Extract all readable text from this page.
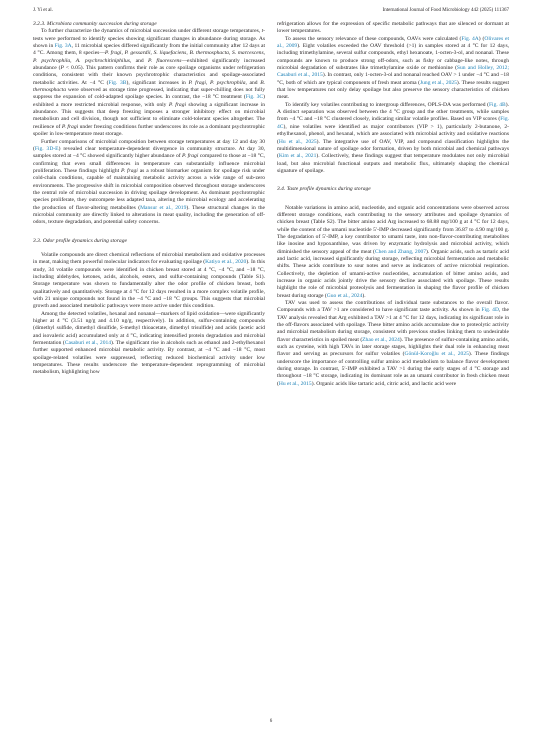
J. Yi et al.	International Journal of Food Microbiology 442 (2025) 111367
3.2.3. Microbiota community succession during storage

To further characterize the dynamics of microbial succession under different storage temperatures, t-tests were performed to identify species showing significant changes in abundance during storage. As shown in Fig. 3A, 11 microbial species differed significantly from the initial community after 12 days at 4 °C. Among them, 8 species—P. fragi, P. gessardii, S. liquefaciens, B. thermosphacta, S. marcescens, P. psychrophila, A. psychrochitiniphilus, and P. fluorescens—exhibited significantly increased abundance (P < 0.05). This pattern confirms their role as core spoilage organisms under refrigeration conditions, consistent with their known psychrotrophic characteristics and spoilage-associated metabolic activities. At −4 °C (Fig. 3B), significant increases in P. fragi, P. psychrophila, and B. thermosphacta were observed as storage time progressed, indicating that super-chilling does not fully suppress the expansion of cold-adapted spoilage species. In contrast, the −18 °C treatment (Fig. 3C) exhibited a more restricted microbial response, with only P. fragi showing a significant increase in abundance. This suggests that deep freezing imposes a stronger inhibitory effect on microbial metabolism and cell division, though not sufficient to eliminate cold-tolerant species altogether. The resilience of P. fragi under freezing conditions further underscores its role as a dominant psychrotrophic spoiler in low-temperature meat storage.

Further comparisons of microbial composition between storage temperatures at day 12 and day 30 (Fig. 3D-E) revealed clear temperature-dependent divergence in community structure. At day 30, samples stored at −4 °C showed significantly higher abundance of P. fragi compared to those at −18 °C, confirming that even small differences in temperature can substantially influence microbial proliferation. These findings highlight P. fragi as a robust biomarker organism for spoilage risk under cold-chain conditions, capable of maintaining metabolic activity across a wide range of sub-zero environments. The progressive shift in microbial composition observed throughout storage underscores the central role of microbial succession in driving spoilage development. As dominant psychrotrophic species proliferate, they outcompete less adapted taxa, altering the microbial ecology and accelerating the production of flavor-altering metabolites (Mansur et al., 2019). These structural changes in the microbial community are directly linked to alterations in meat quality, including the generation of off-odors, texture degradation, and potential safety concerns.

3.3. Odor profile dynamics during storage

Volatile compounds are direct chemical reflections of microbial metabolism and oxidative processes in meat, making them powerful molecular indicators for evaluating spoilage (Katiyo et al., 2020). In this study, 34 volatile compounds were identified in chicken breast stored at 4 °C, −4 °C, and −18 °C, including aldehydes, ketones, acids, alcohols, esters, and sulfur-containing compounds (Table S1). Storage temperature was shown to fundamentally alter the odor profile of chicken breast, both qualitatively and quantitatively. Storage at 4 °C for 12 days resulted in a more complex volatile profile, with 21 unique compounds not found in the −4 °C and −18 °C groups. This suggests that microbial growth and associated metabolic pathways were more active under this condition.

Among the detected volatiles, hexanal and nonanal—markers of lipid oxidation—were significantly higher at 4 °C (3.51 ng/g and 4.10 ng/g, respectively). In addition, sulfur-containing compounds (dimethyl sulfide, dimethyl disulfide, S-methyl thioacetate, dimethyl trisulfide) and acids (acetic acid and isovaleric acid) accumulated only at 4 °C, indicating intensified protein degradation and microbial fermentation (Casaburi et al., 2014). The significant rise in alcohols such as ethanol and 2-ethylhexanol further supported enhanced microbial metabolic activity. By contrast, at −4 °C and −18 °C, most spoilage-related volatiles were suppressed, reflecting reduced biochemical activity under low temperatures. These results underscore the temperature-dependent reprogramming of microbial metabolism, highlighting how

refrigeration allows for the expression of specific metabolic pathways that are silenced or dormant at lower temperatures.

To assess the sensory relevance of these compounds, OAVs were calculated (Fig. 4A) (Olivares et al., 2009). Eight volatiles exceeded the OAV threshold (>1) in samples stored at 4 °C for 12 days, including trimethylamine, several sulfur compounds, ethyl hexanoate, 1-octen-3-ol, and nonanal. These compounds are known to produce strong off-odors, such as fishy or cabbage-like notes, through microbial degradation of substrates like trimethylamine oxide or methionine (Sun and Holley, 2012; Casaburi et al., 2015). In contrast, only 1-octen-3-ol and nonanal reached OAV > 1 under −4 °C and −18 °C, both of which are typical components of fresh meat aroma (Jung et al., 2025). These results suggest that low temperatures not only delay spoilage but also preserve the sensory characteristics of chicken meat.

To identify key volatiles contributing to intergroup differences, OPLS-DA was performed (Fig. 4B). A distinct separation was observed between the 4 °C group and the other treatments, while samples from −4 °C and −18 °C clustered closely, indicating similar volatile profiles. Based on VIP scores (Fig. 4C), nine volatiles were identified as major contributors (VIP > 1), particularly 2-butanone, 2-ethylhexanol, phenol, and hexanal, which are associated with microbial activity and oxidative reactions (Hu et al., 2025). The integrative use of OAV, VIP, and compound classification highlights the multidimensional nature of spoilage odor formation, driven by both microbial and chemical pathways (Kim et al., 2021). Collectively, these findings suggest that temperature modulates not only microbial load, but also microbial functional outputs and metabolic flux, ultimately shaping the chemical signature of spoilage.

3.4. Taste profile dynamics during storage

Notable variations in amino acid, nucleotide, and organic acid concentrations were observed across different storage conditions, each contributing to the sensory attributes and spoilage dynamics of chicken breast (Table S2). The bitter amino acid Arg increased to 68.88 mg/100 g at 4 °C for 12 days, while the content of the umami nucleotide 5′-IMP decreased significantly from 36.87 to 4.90 mg/100 g. The degradation of 5′-IMP, a key contributor to umami taste, into non-flavor-contributing metabolites like inosine and hypoxanthine, was driven by enzymatic hydrolysis and microbial activity, which diminished the sensory appeal of the meat (Chen and Zhang, 2007). Organic acids, such as tartaric acid and lactic acid, increased significantly during storage, reflecting microbial fermentation and metabolic shifts. These acids contribute to sour notes and serve as indicators of active microbial respiration. Collectively, the depletion of umami-active nucleotides, accumulation of bitter amino acids, and increase in organic acids jointly drive the sensory decline associated with spoilage. These results highlight the role of microbial proteolysis and fermentation in shaping the flavor profile of chicken breast during storage (Guo et al., 2024).

TAV was used to assess the contributions of individual taste substances to the overall flavor. Compounds with a TAV >1 are considered to have significant taste activity. As shown in Fig. 4D, the TAV analysis revealed that Arg exhibited a TAV >1 at 4 °C for 12 days, indicating its significant role in the off-flavors associated with spoilage. These bitter amino acids accumulate due to proteolytic activity and microbial metabolism during storage, consistent with previous studies linking them to undesirable flavor characteristics in spoiled meat (Zhao et al., 2024). The presence of sulfur-containing amino acids, such as cysteine, with high TAVs in later storage stages, highlights their dual role in enhancing meat flavor and serving as precursors for sulfur volatiles (Gönül-Koroğlu et al., 2025). These findings underscore the importance of controlling sulfur amino acid metabolism to balance flavor development during storage. In contrast, 5′-IMP exhibited a TAV >1 during the early stages of 4 °C storage and throughout −18 °C storage, indicating its dominant role as an umami contributor in fresh chicken meat (Hu et al., 2015). Organic acids like tartaric acid, citric acid, and lactic acid were

6
